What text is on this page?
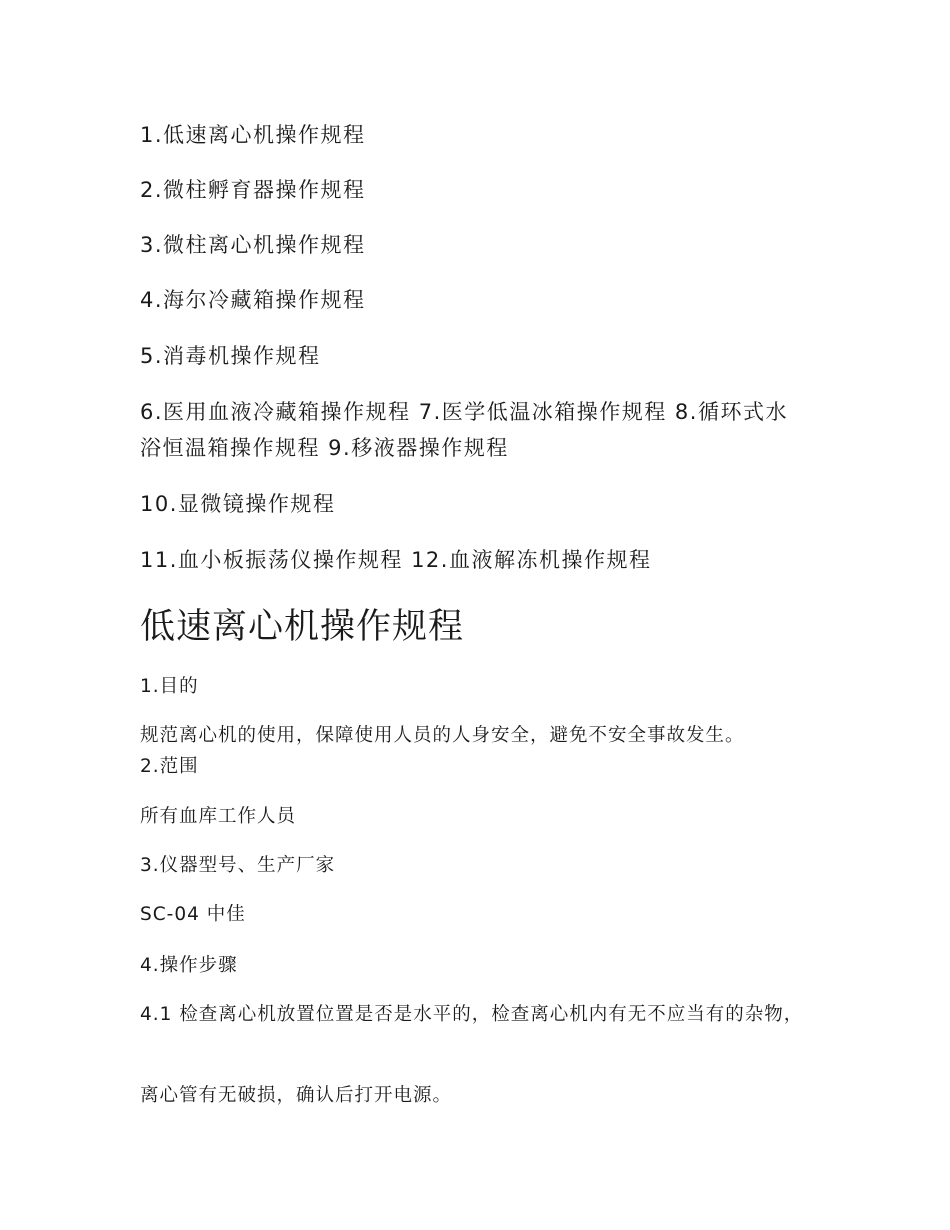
1.低速离心机操作规程
2.微柱孵育器操作规程
3.微柱离心机操作规程
4.海尔冷藏箱操作规程
5.消毒机操作规程
6.医用血液冷藏箱操作规程 7.医学低温冰箱操作规程 8.循环式水浴恒温箱操作规程 9.移液器操作规程
10.显微镜操作规程
11.血小板振荡仪操作规程 12.血液解冻机操作规程
低速离心机操作规程
1.目的
规范离心机的使用，保障使用人员的人身安全，避免不安全事故发生。
2.范围
所有血库工作人员
3.仪器型号、生产厂家
SC-04 中佳
4.操作步骤
4.1 检查离心机放置位置是否是水平的，检查离心机内有无不应当有的杂物，
离心管有无破损，确认后打开电源。
